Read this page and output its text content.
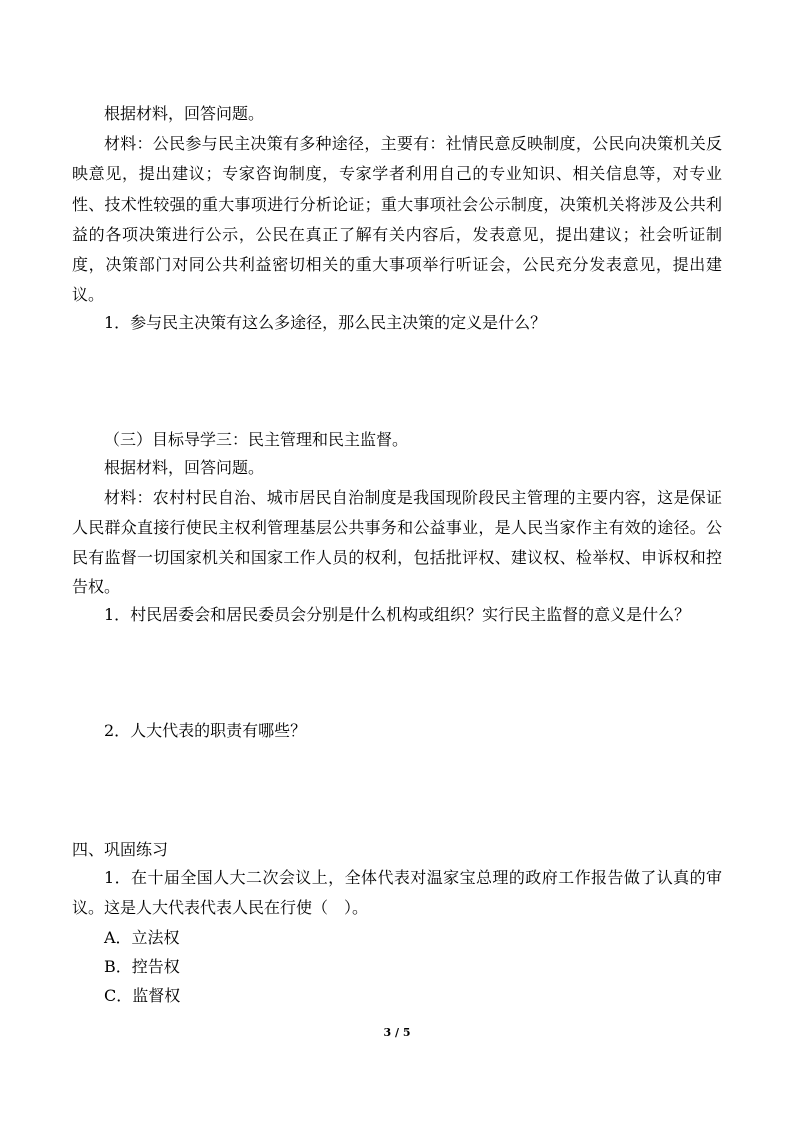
根据材料，回答问题。
材料：公民参与民主决策有多种途径，主要有：社情民意反映制度，公民向决策机关反
映意见，提出建议；专家咨询制度，专家学者利用自己的专业知识、相关信息等，对专业
性、技术性较强的重大事项进行分析论证；重大事项社会公示制度，决策机关将涉及公共利
益的各项决策进行公示，公民在真正了解有关内容后，发表意见，提出建议；社会听证制
度，决策部门对同公共利益密切相关的重大事项举行听证会，公民充分发表意见，提出建
议。
1．参与民主决策有这么多途径，那么民主决策的定义是什么？
（三）目标导学三：民主管理和民主监督。
根据材料，回答问题。
材料：农村村民自治、城市居民自治制度是我国现阶段民主管理的主要内容，这是保证
人民群众直接行使民主权利管理基层公共事务和公益事业，是人民当家作主有效的途径。公
民有监督一切国家机关和国家工作人员的权利，包括批评权、建议权、检举权、申诉权和控
告权。
1．村民居委会和居民委员会分别是什么机构或组织？实行民主监督的意义是什么？
2．人大代表的职责有哪些？
四、巩固练习
1．在十届全国人大二次会议上，全体代表对温家宝总理的政府工作报告做了认真的审
议。这是人大代表代表人民在行使（　）。
A．立法权
B．控告权
C．监督权
3 / 5
